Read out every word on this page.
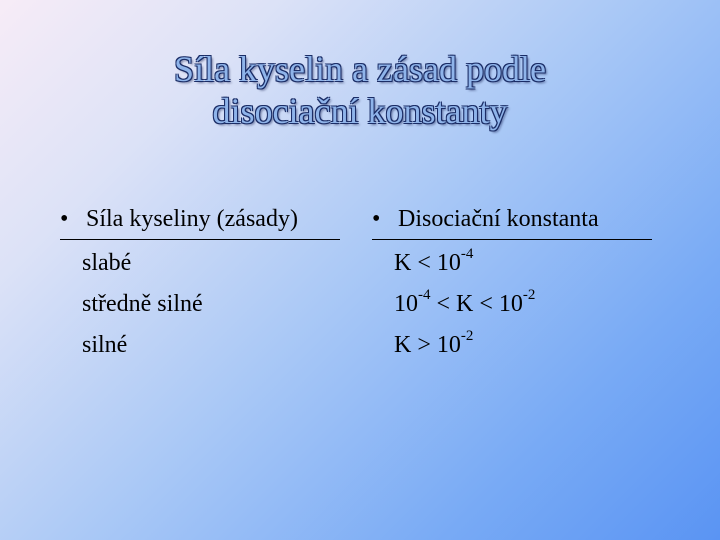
Síla kyselin a zásad podle
disociační konstanty
• Síla kyseliny (zásady)
slabé
středně silné
silné
• Disociační konstanta
$K < 10^{-4}$
$10^{-4} < K < 10^{-2}$
$K > 10^{-2}$
